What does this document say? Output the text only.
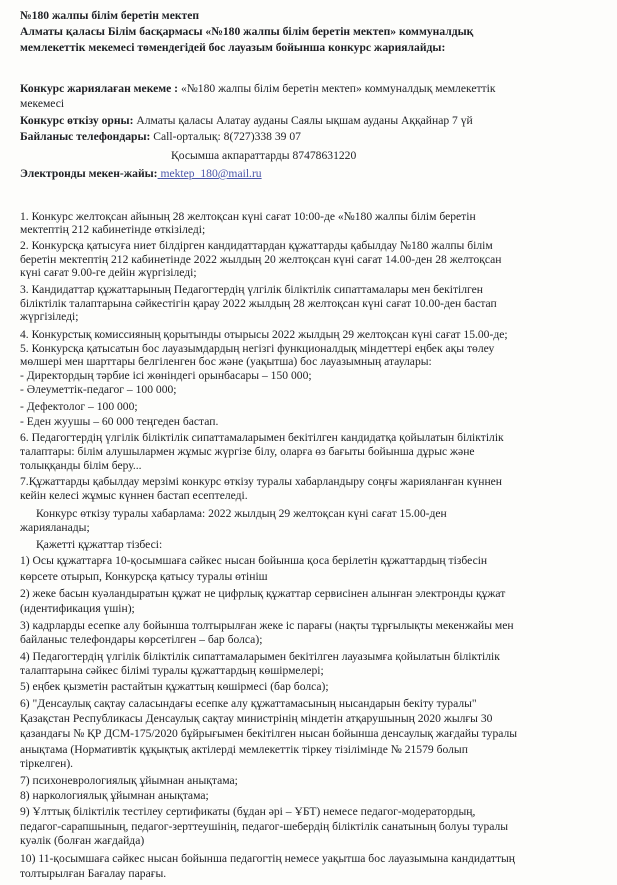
№180 жалпы білім беретін мектеп
Алматы қаласы Білім басқармасы «№180 жалпы білім беретін мектеп» коммуналдық
мемлекеттік мекемесі төмендегідей бос лауазым бойынша конкурс жариялайды:
Конкурс жариялаған мекеме : «№180 жалпы білім беретін мектеп» коммуналдық мемлекеттік
мекемесі
Конкурс өткізу орны: Алматы қаласы Алатау ауданы Саялы ықшам ауданы Аққайнар 7 үй
Байланыс телефондары: Call-орталық: 8(727)338 39 07
Қосымша акпараттарды 87478631220
Электронды мекен-жайы: mektep_180@mail.ru
1. Конкурс желтоқсан айының 28 желтоқсан күні сағат 10:00-де «№180 жалпы білім беретін
мектептің 212 кабинетінде өткізіледі;
2. Конкурсқа қатысуға ниет білдірген кандидаттардан құжаттарды қабылдау №180 жалпы білім
беретін мектептің 212 кабинетінде 2022 жылдың 20 желтоқсан күні сағат 14.00-ден 28 желтоқсан
күні сағат 9.00-ге дейін жүргізіледі;
3. Кандидаттар құжаттарының Педагогтердің үлгілік біліктілік сипаттамалары мен бекітілген
біліктілік талаптарына сәйкестігін қарау 2022 жылдың 28 желтоқсан күні сағат 10.00-ден бастап
жүргізіледі;
4. Конкурстық комиссияның қорытынды отырысы 2022 жылдың 29 желтоқсан күні сағат 15.00-де;
5. Конкурсқа қатысатын бос лауазымдардың негізгі функционалдық міндеттері еңбек ақы төлеу
мөлшері мен шарттары белгіленген бос және (уақытша) бос лауазымның атаулары:
- Директордың тәрбие ісі жөніндегі орынбасары – 150 000;
- Әлеуметтік-педагог – 100 000;
- Дефектолог – 100 000;
- Еден жуушы – 60 000 теңгеден бастап.
6. Педагогтердің үлгілік біліктілік сипаттамаларымен бекітілген кандидатқа қойылатын біліктілік
талаптары: білім алушылармен жұмыс жүргізе білу, оларға өз бағыты бойынша дұрыс және
толыққанды білім беру...
7.Құжаттарды қабылдау мерзімі конкурс өткізу туралы хабарландыру соңғы жарияланған күннен
кейін келесі жұмыс күннен бастап есептеледі.
Конкурс өткізу туралы хабарлама: 2022 жылдың 29 желтоқсан күні сағат 15.00-ден
жарияланады;
Қажетті құжаттар тізбесі:
1) Осы құжаттарға 10-қосымшаға сәйкес нысан бойынша қоса берілетін құжаттардың тізбесін
көрсете отырып, Конкурсқа қатысу туралы өтініш
2) жеке басын куәландыратын құжат не цифрлық құжаттар сервисінен алынған электронды құжат
(идентификация үшін);
3) кадрларды есепке алу бойынша толтырылған жеке іс парағы (нақты тұрғылықты мекенжайы мен
байланыс телефондары көрсетілген – бар болса);
4) Педагогтердің үлгілік біліктілік сипаттамаларымен бекітілген лауазымға қойылатын біліктілік
талаптарына сәйкес білімі туралы құжаттардың көшірмелері;
5) еңбек қызметін растайтын құжаттың көшірмесі (бар болса);
6) "Денсаулық сақтау саласындағы есепке алу құжаттамасының нысандарын бекіту туралы"
Қазақстан Республикасы Денсаулық сақтау министрінің міндетін атқарушының 2020 жылғы 30
қазандағы № ҚР ДСМ-175/2020 бұйрығымен бекітілген нысан бойынша денсаулық жағдайы туралы
анықтама (Нормативтік құқықтық актілерді мемлекеттік тіркеу тізілімінде № 21579 болып
тіркелген).
7) психоневрологиялық ұйымнан анықтама;
8) наркологиялық ұйымнан анықтама;
9) Ұлттық біліктілік тестілеу сертификаты (бұдан әрі – ҰБТ) немесе педагог-модератордың,
педагог-сарапшының, педагог-зерттеушінің, педагог-шебердің біліктілік санатының болуы туралы
куәлік (болған жағдайда)
10) 11-қосымшаға сәйкес нысан бойынша педагогтің немесе уақытша бос лауазымына кандидаттың
толтырылған Бағалау парағы.
